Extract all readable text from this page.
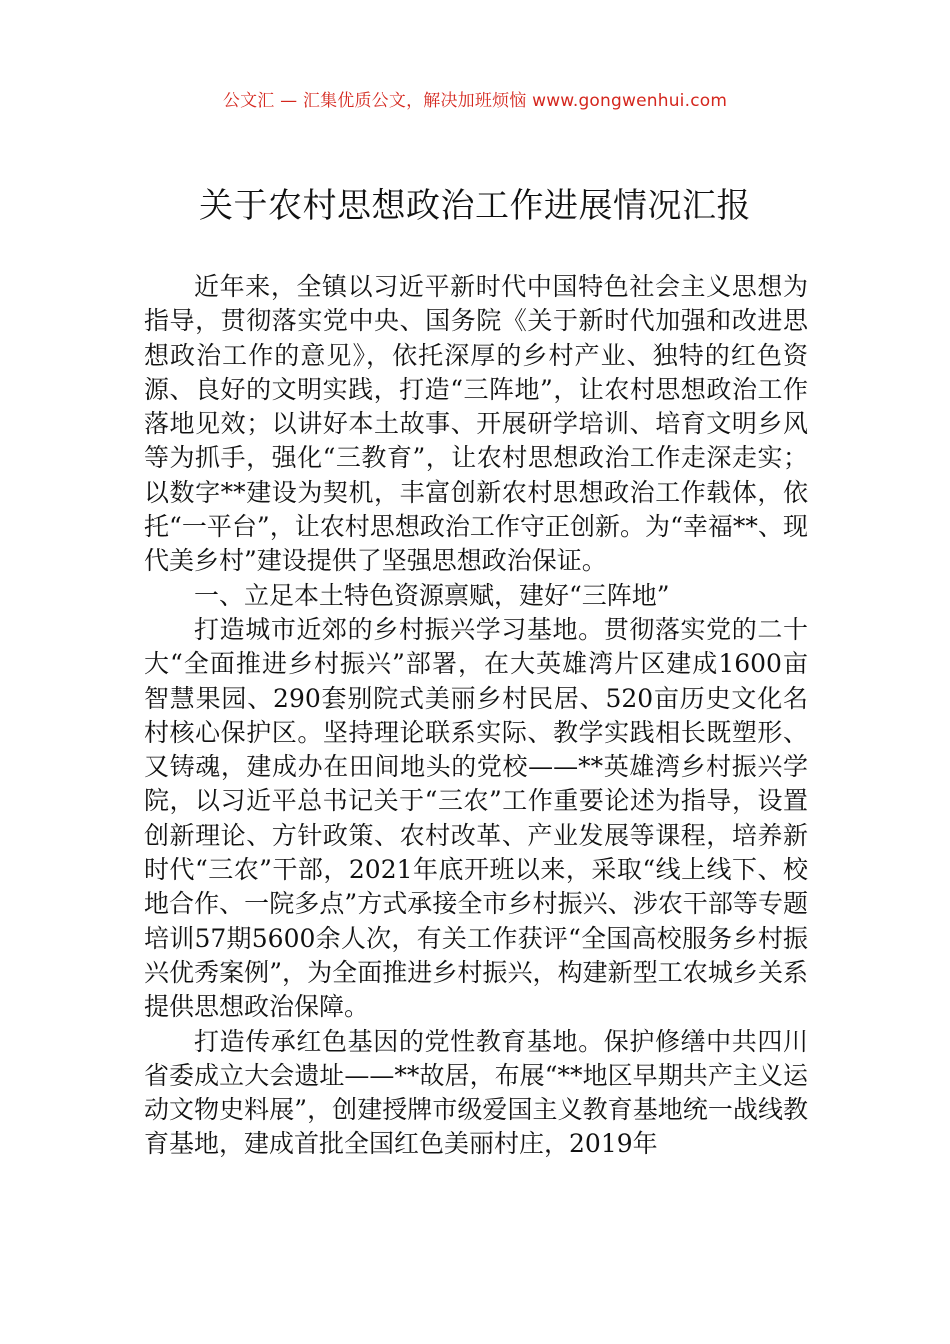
公文汇 — 汇集优质公文，解决加班烦恼 www.gongwenhui.com
关于农村思想政治工作进展情况汇报

近年来，全镇以习近平新时代中国特色社会主义思想为指导，贯彻落实党中央、国务院《关于新时代加强和改进思想政治工作的意见》，依托深厚的乡村产业、独特的红色资源、良好的文明实践，打造“三阵地”，让农村思想政治工作落地见效；以讲好本土故事、开展研学培训、培育文明乡风等为抓手，强化“三教育”，让农村思想政治工作走深走实；以数字**建设为契机，丰富创新农村思想政治工作载体，依托“一平台”，让农村思想政治工作守正创新。为“幸福**、现代美乡村”建设提供了坚强思想政治保证。

一、立足本土特色资源禀赋，建好“三阵地”

打造城市近郊的乡村振兴学习基地。贯彻落实党的二十大“全面推进乡村振兴”部署，在大英雄湾片区建成1600亩智慧果园、290套别院式美丽乡村民居、520亩历史文化名村核心保护区。坚持理论联系实际、教学实践相长既塑形、又铸魂，建成办在田间地头的党校——**英雄湾乡村振兴学院，以习近平总书记关于“三农”工作重要论述为指导，设置创新理论、方针政策、农村改革、产业发展等课程，培养新时代“三农”干部，2021年底开班以来，采取“线上线下、校地合作、一院多点”方式承接全市乡村振兴、涉农干部等专题培训57期5600余人次，有关工作获评“全国高校服务乡村振兴优秀案例”，为全面推进乡村振兴，构建新型工农城乡关系提供思想政治保障。

打造传承红色基因的党性教育基地。保护修缮中共四川省委成立大会遗址——**故居，布展“**地区早期共产主义运动文物史料展”，创建授牌市级爱国主义教育基地统一战线教育基地，建成首批全国红色美丽村庄，2019年
